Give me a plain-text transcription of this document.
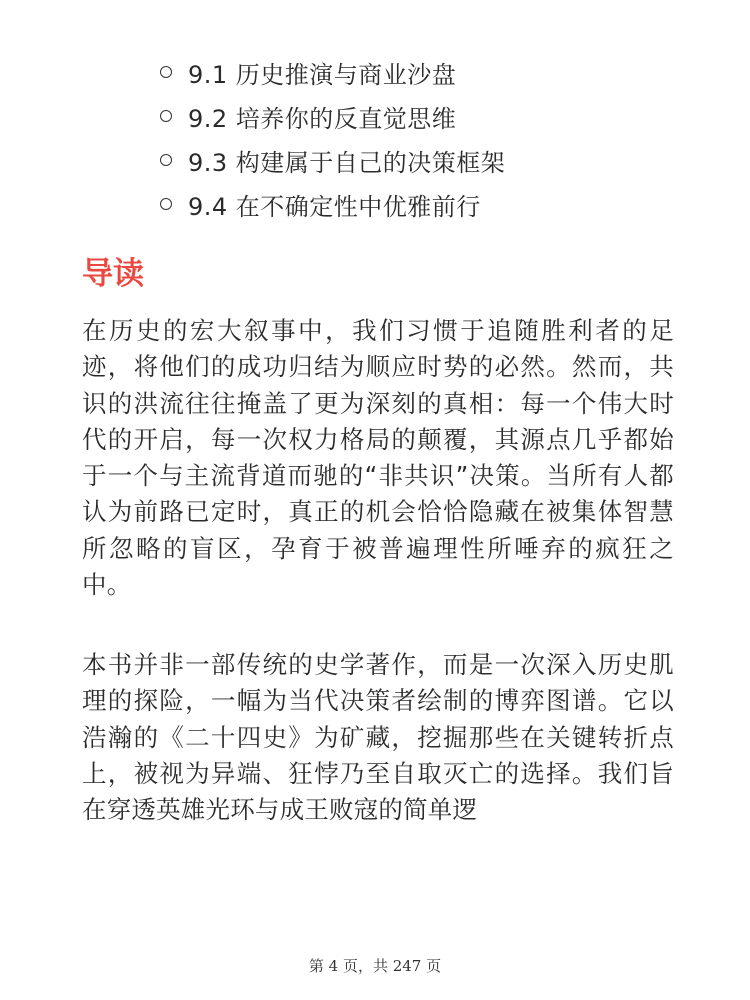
9.1 历史推演与商业沙盘
9.2 培养你的反直觉思维
9.3 构建属于自己的决策框架
9.4 在不确定性中优雅前行
导读

在历史的宏大叙事中，我们习惯于追随胜利者的足迹，将他们的成功归结为顺应时势的必然。然而，共识的洪流往往掩盖了更为深刻的真相：每一个伟大时代的开启，每一次权力格局的颠覆，其源点几乎都始于一个与主流背道而驰的“非共识”决策。当所有人都认为前路已定时，真正的机会恰恰隐藏在被集体智慧所忽略的盲区，孕育于被普遍理性所唾弃的疯狂之中。

本书并非一部传统的史学著作，而是一次深入历史肌理的探险，一幅为当代决策者绘制的博弈图谱。它以浩瀚的《二十四史》为矿藏，挖掘那些在关键转折点上，被视为异端、狂悖乃至自取灭亡的选择。我们旨在穿透英雄光环与成王败寇的简单逻

第 4 页，共 247 页
